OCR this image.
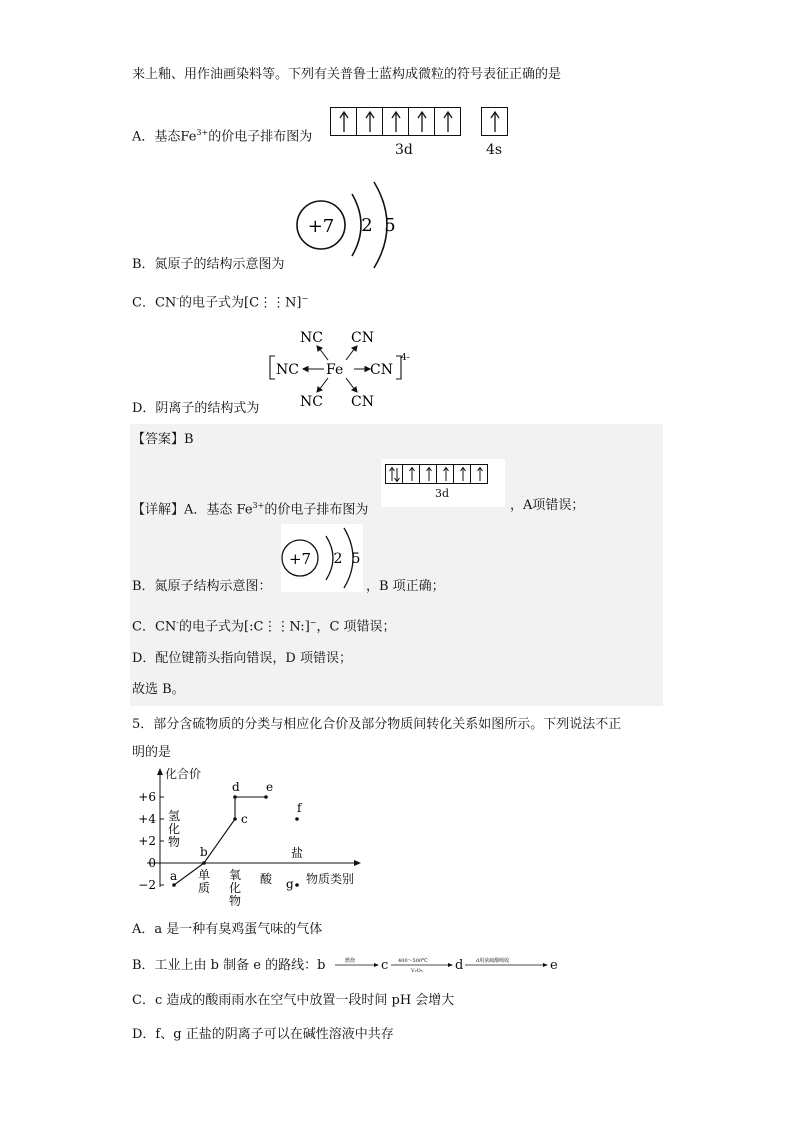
来上釉、用作油画染料等。下列有关普鲁士蓝构成微粒的符号表征正确的是
A．基态$Fe^{3+}$的价电子排布图为
3d	4s
+7 2 5
B．氮原子的结构示意图为
C．CN-的电子式为[C⋮⋮N]−
NC CN
NC Fe CN
NC CN
4-
D．阴离子的结构式为
【答案】B
3d
【详解】A．基态 $Fe^{3+}$的价电子排布图为	，A项错误；
+7 2 5
B．氮原子结构示意图：	，B 项正确；
C．CN-的电子式为[:C⋮⋮N:]−，C 项错误；
D．配位键箭头指向错误，D 项错误；
故选 B。
5．部分含硫物质的分类与相应化合价及部分物质间转化关系如图所示。下列说法不正
明的是
化合价
物质类别
+6
+4
+2
0
−2
氢
化
物
单
质
氧
化
物
酸
盐
a
b
c
d e
f
g
A．a 是一种有臭鸡蛋气味的气体
B．工业上由 b 制备 e 的路线：b	燃烧 c 400～500℃
V₂O₅ d	d用浓硫酸吸收	e
C．c 造成的酸雨雨水在空气中放置一段时间 pH 会增大
D．f、g 正盐的阴离子可以在碱性溶液中共存
